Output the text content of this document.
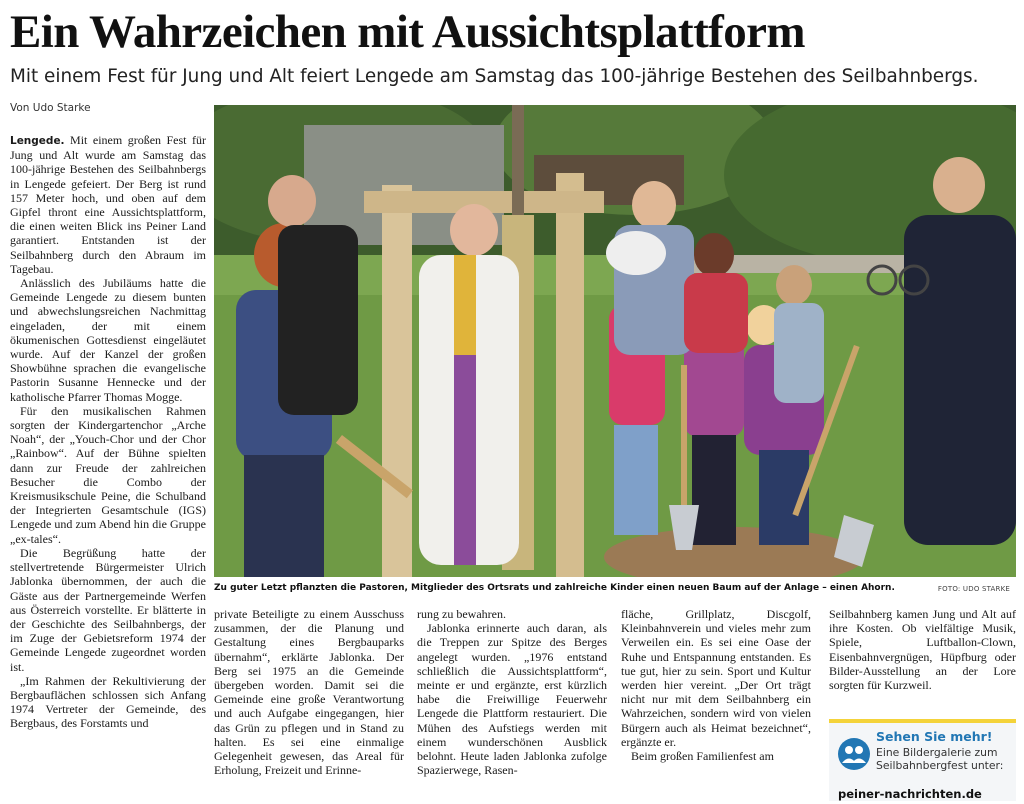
Ein Wahrzeichen mit Aussichtsplattform
Mit einem Fest für Jung und Alt feiert Lengede am Samstag das 100-jährige Bestehen des Seilbahnbergs.
Von Udo Starke
Zu guter Letzt pflanzten die Pastoren, Mitglieder des Ortsrats und zahlreiche Kinder einen neuen Baum auf der Anlage – einen Ahorn.	FOTO: UDO STARKE

Lengede. Mit einem großen Fest für Jung und Alt wurde am Samstag das 100-jährige Bestehen des Seilbahnbergs in Lengede gefeiert. Der Berg ist rund 157 Meter hoch, und oben auf dem Gipfel thront eine Aussichtsplattform, die einen weiten Blick ins Peiner Land garantiert. Entstanden ist der Seilbahnberg durch den Abraum im Tagebau.

Anlässlich des Jubiläums hatte die Gemeinde Lengede zu diesem bunten und abwechslungsreichen Nachmittag eingeladen, der mit einem ökumenischen Gottesdienst eingeläutet wurde. Auf der Kanzel der großen Showbühne sprachen die evangelische Pastorin Susanne Hennecke und der katholische Pfarrer Thomas Mogge.

Für den musikalischen Rahmen sorgten der Kindergartenchor „Arche Noah“, der „Youch-Chor und der Chor „Rainbow“. Auf der Bühne spielten dann zur Freude der zahlreichen Besucher die Combo der Kreismusikschule Peine, die Schulband der Integrierten Gesamtschule (IGS) Lengede und zum Abend hin die Gruppe „ex-tales“.

Die Begrüßung hatte der stellvertretende Bürgermeister Ulrich Jablonka übernommen, der auch die Gäste aus der Partnergemeinde Werfen aus Österreich vorstellte. Er blätterte in der Geschichte des Seilbahnbergs, der im Zuge der Gebietsreform 1974 der Gemeinde Lengede zugeordnet worden ist.

„Im Rahmen der Rekultivierung der Bergbauflächen schlossen sich Anfang 1974 Vertreter der Gemeinde, des Bergbaus, des Forstamts und

private Beteiligte zu einem Ausschuss zusammen, der die Planung und Gestaltung eines Bergbauparks übernahm“, erklärte Jablonka. Der Berg sei 1975 an die Gemeinde übergeben worden. Damit sei die Gemeinde eine große Verantwortung und auch Aufgabe eingegangen, hier das Grün zu pflegen und in Stand zu halten. Es sei eine einmalige Gelegenheit gewesen, das Areal für Erholung, Freizeit und Erinne-

rung zu bewahren.

Jablonka erinnerte auch daran, als die Treppen zur Spitze des Berges angelegt wurden. „1976 entstand schließlich die Aussichtsplattform“, meinte er und ergänzte, erst kürzlich habe die Freiwillige Feuerwehr Lengede die Plattform restauriert. Die Mühen des Aufstiegs werden mit einem wunderschönen Ausblick belohnt. Heute laden Jablonka zufolge Spazierwege, Rasen-

fläche, Grillplatz, Discgolf, Kleinbahnverein und vieles mehr zum Verweilen ein. Es sei eine Oase der Ruhe und Entspannung entstanden. Es tue gut, hier zu sein. Sport und Kultur werden hier vereint. „Der Ort trägt nicht nur mit dem Seilbahnberg ein Wahrzeichen, sondern wird von vielen Bürgern auch als Heimat bezeichnet“, ergänzte er.

Beim großen Familienfest am

Seilbahnberg kamen Jung und Alt auf ihre Kosten. Ob vielfältige Musik, Spiele, Luftballon-Clown, Eisenbahnvergnügen, Hüpfburg oder Bilder-Ausstellung an der Lore sorgten für Kurzweil.

Sehen Sie mehr!
Eine Bildergalerie zum Seilbahnbergfest unter:
peiner-nachrichten.de
